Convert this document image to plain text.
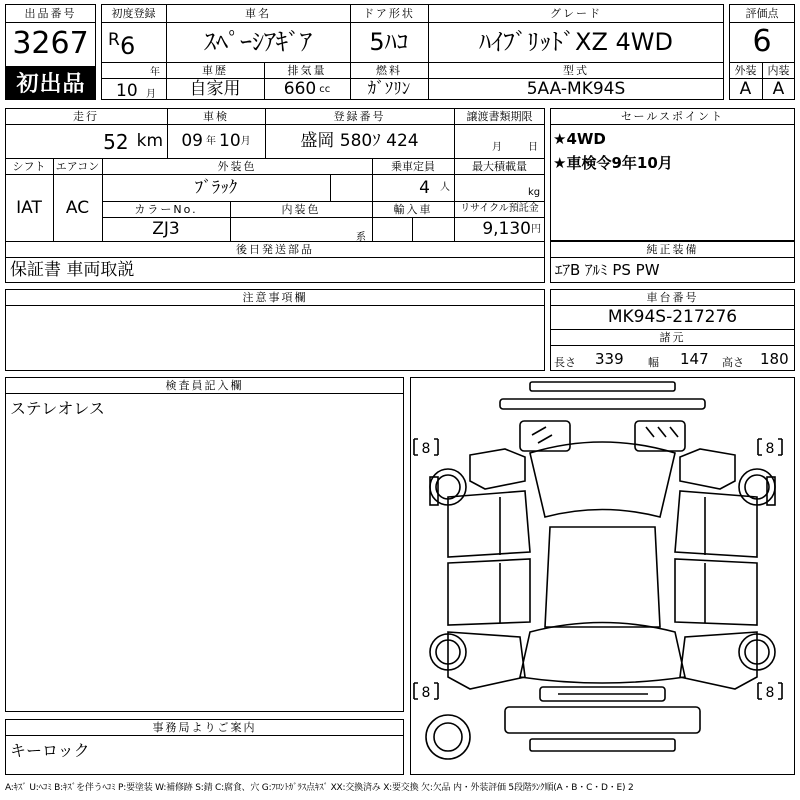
出品番号
3267
初出品
初度登録
R 6
年
10 月
車名
ｽﾍﾟｰｼｱｷﾞｱ
ドア形状
5ﾊｺ
グレード
ﾊｲﾌﾞﾘｯﾄﾞXZ 4WD
車歴
自家用
排気量
660 cc
燃料
ｶﾞｿﾘﾝ
型式
5AA-MK94S
評価点
6
外装	内装
A	A
走行
52 km
車検
09 年 10 月
登録番号
盛岡 580ｿ 424
譲渡書類期限
月	日
シフト
IAT
エアコン
AC
外装色
ﾌﾞﾗｯｸ
乗車定員
4 人
最大積載量
kg
カラーNo.
ZJ3
内装色
系
輸入車	リサイクル預託金
9,130 円
後日発送部品
保証書 車両取説
セールスポイント
★4WD
★車検令9年10月
純正装備
ｴｱB ｱﾙﾐ PS PW
注意事項欄	車台番号
MK94S-217276
諸元
長さ 339 幅 147 高さ 180
検査員記入欄
ステレオレス
事務局よりご案内
キーロック
8	8
8	8
A:ｷｽﾞ U:ﾍｺﾐ B:ｷｽﾞを伴うﾍｺﾐ P:要塗装 W:補修跡 S:錆 C:腐食、穴 G:ﾌﾛﾝﾄｶﾞﾗｽ点ｷｽﾞ XX:交換済み X:要交換 欠:欠品 内・外装評価 5段階ﾗﾝｸ順(A・B・C・D・E) 2
